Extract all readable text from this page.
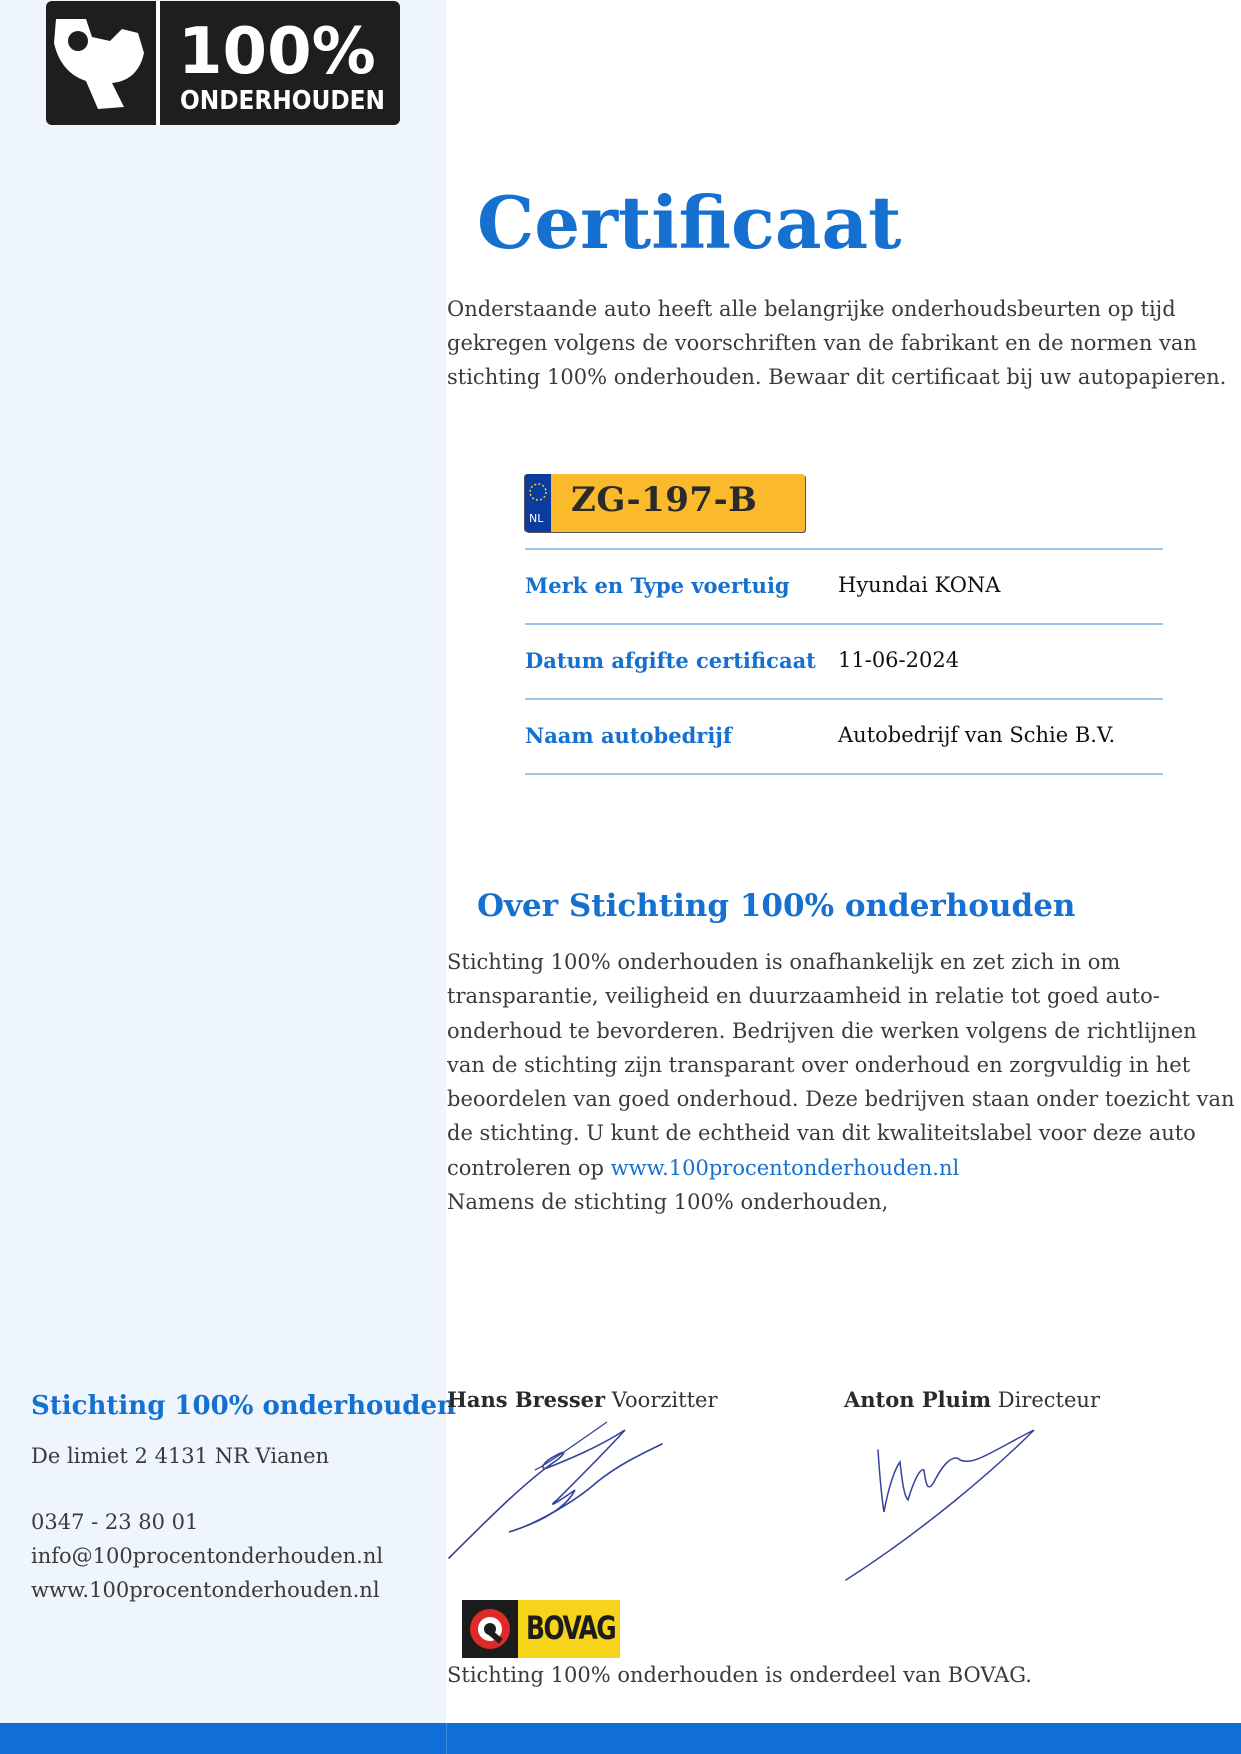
100%
ONDERHOUDEN
Certificaat
Onderstaande auto heeft alle belangrijke onderhoudsbeurten op tijd gekregen volgens de voorschriften van de fabrikant en de normen van stichting 100% onderhouden. Bewaar dit certificaat bij uw autopapieren.
NL ZG-197-B
Merk en Type voertuig Hyundai KONA
Datum afgifte certificaat 11-06-2024
Naam autobedrijf	Autobedrijf van Schie B.V.
Over Stichting 100% onderhouden
Stichting 100% onderhouden is onafhankelijk en zet zich in om transparantie, veiligheid en duurzaamheid in relatie tot goed auto-onderhoud te bevorderen. Bedrijven die werken volgens de richtlijnen van de stichting zijn transparant over onderhoud en zorgvuldig in het beoordelen van goed onderhoud. Deze bedrijven staan onder toezicht van de stichting. U kunt de echtheid van dit kwaliteitslabel voor deze auto controleren op www.100procentonderhouden.nl
Namens de stichting 100% onderhouden,
Stichting 100% onderhouden
De limiet 2 4131 NR Vianen
0347 - 23 80 01
info@100procentonderhouden.nl
www.100procentonderhouden.nl
Hans Bresser Voorzitter	Anton Pluim Directeur
BOVAG
Stichting 100% onderhouden is onderdeel van BOVAG.
